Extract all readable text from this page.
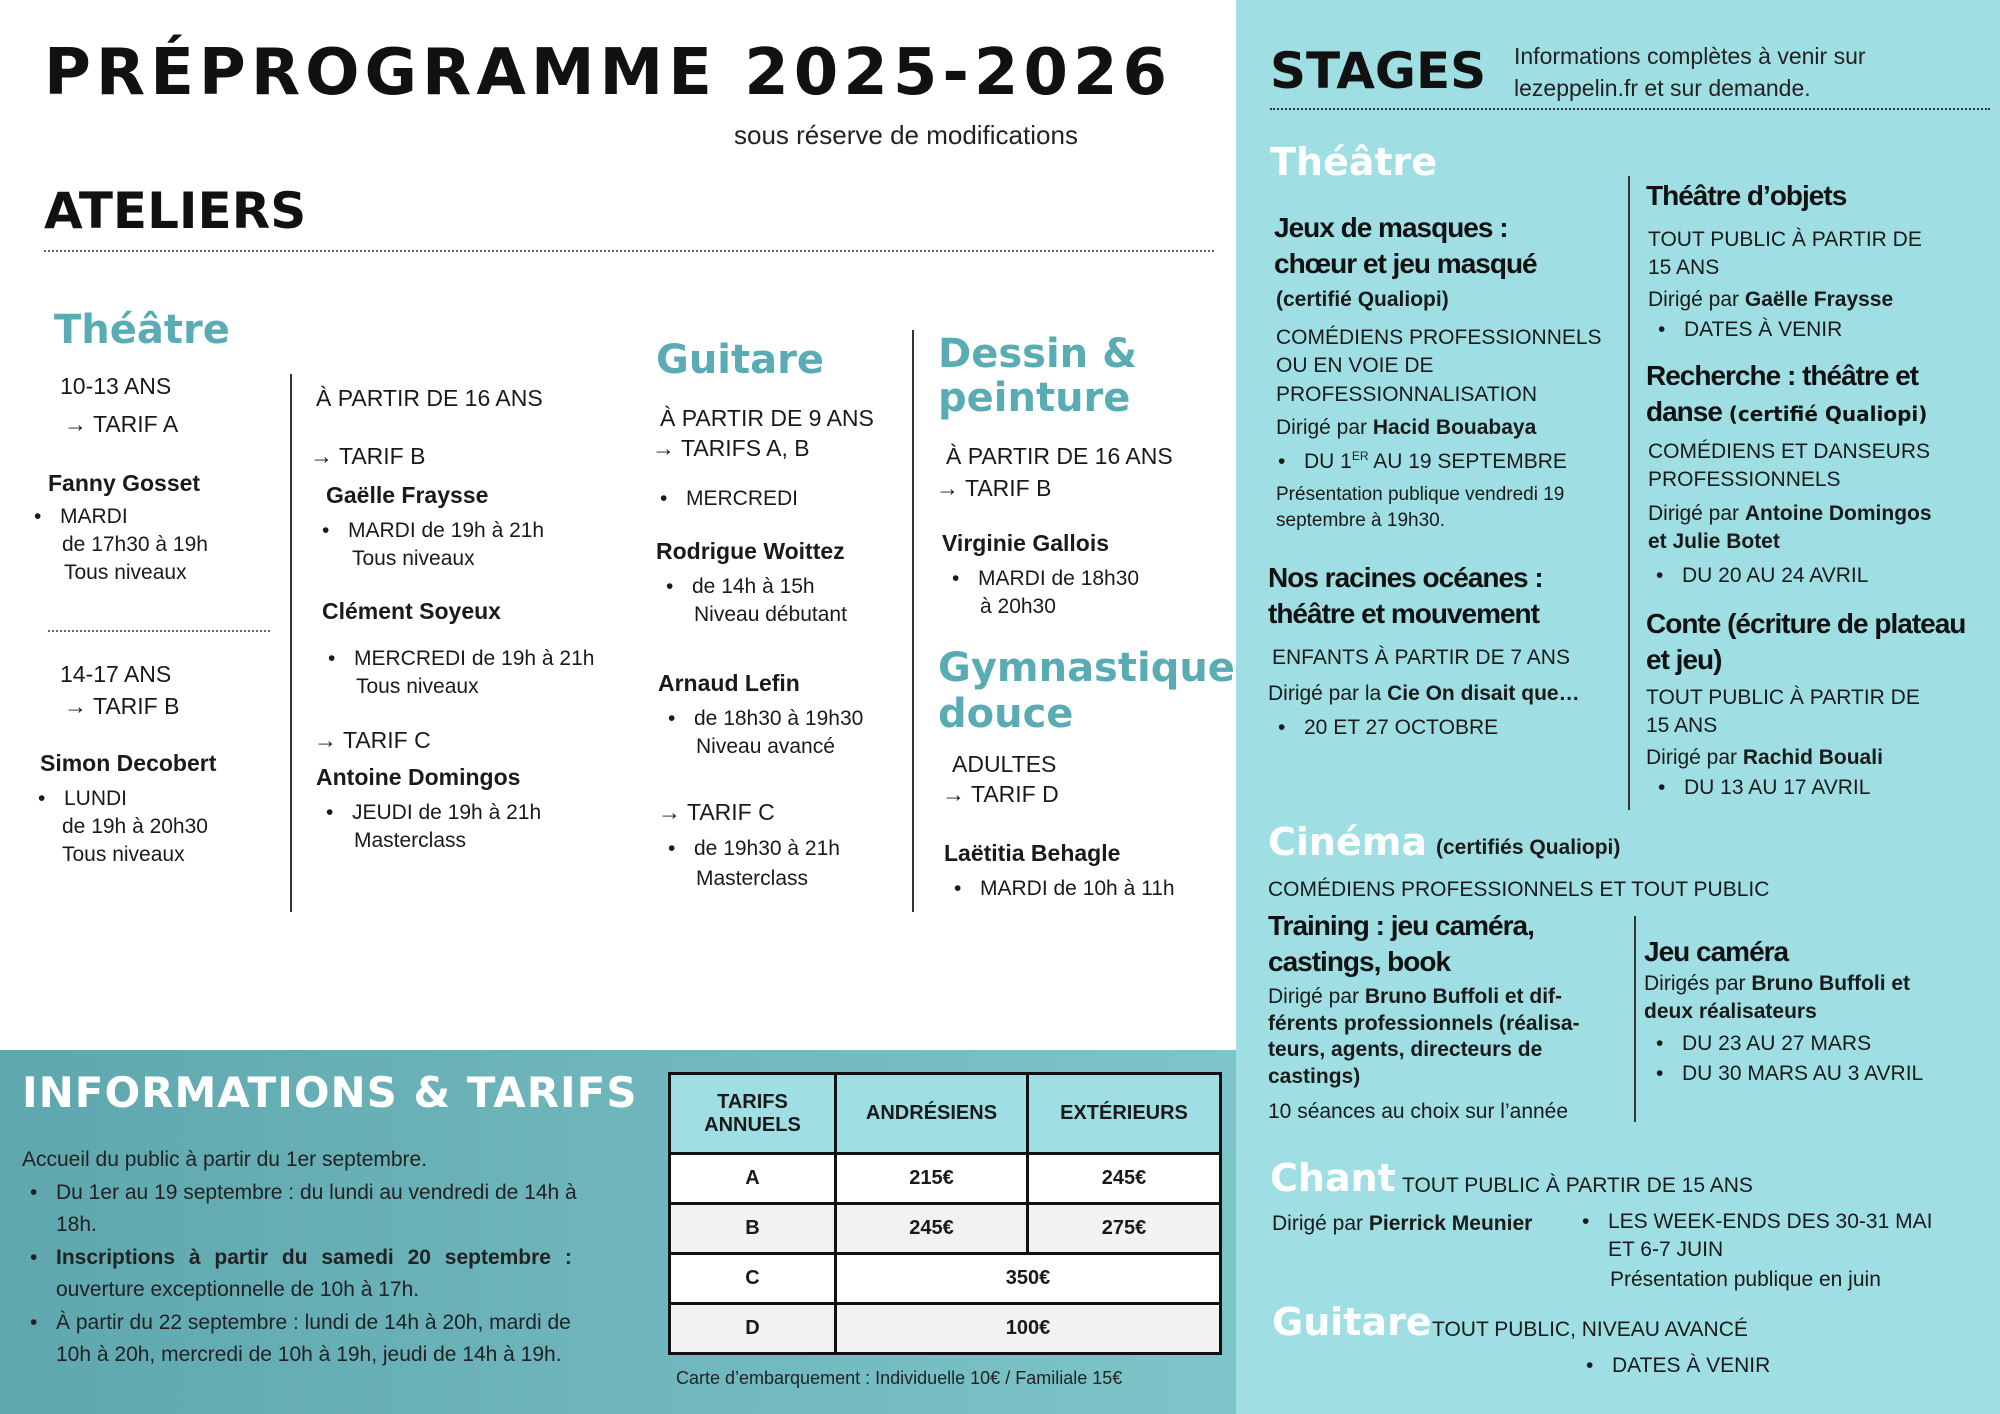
PRÉPROGRAMME 2025-2026
sous réserve de modifications
ATELIERS
Théâtre
10-13 ANS
→ TARIF A
Fanny Gosset
• MARDI
de 17h30 à 19h
Tous niveaux
14-17 ANS
→ TARIF B
Simon Decobert
• LUNDI
de 19h à 20h30
Tous niveaux
À PARTIR DE 16 ANS
→ TARIF B
Gaëlle Fraysse
• MARDI de 19h à 21h
Tous niveaux
Clément Soyeux
• MERCREDI de 19h à 21h
Tous niveaux
→ TARIF C
Antoine Domingos
• JEUDI de 19h à 21h
Masterclass
Guitare
À PARTIR DE 9 ANS
→ TARIFS A, B
• MERCREDI
Rodrigue Woittez
• de 14h à 15h
Niveau débutant
Arnaud Lefin
• de 18h30 à 19h30
Niveau avancé
→ TARIF C
• de 19h30 à 21h
Masterclass
Dessin &
peinture
À PARTIR DE 16 ANS
→ TARIF B
Virginie Gallois
• MARDI de 18h30
à 20h30
Gymnastique
douce
ADULTES
→ TARIF D
Laëtitia Behagle
• MARDI de 10h à 11h
STAGES Informations complètes à venir sur
lezeppelin.fr et sur demande.
Théâtre
Jeux de masques :
chœur et jeu masqué
(certifié Qualiopi)
COMÉDIENS PROFESSIONNELS
OU EN VOIE DE
PROFESSIONNALISATION
Dirigé par Hacid Bouabaya
• DU 1ER AU 19 SEPTEMBRE
Présentation publique vendredi 19
septembre à 19h30.
Nos racines océanes :
théâtre et mouvement
ENFANTS À PARTIR DE 7 ANS
Dirigé par la Cie On disait que…
• 20 ET 27 OCTOBRE
Théâtre d’objets
TOUT PUBLIC À PARTIR DE
15 ANS
Dirigé par Gaëlle Fraysse
• DATES À VENIR
Recherche : théâtre et
danse (certifié Qualiopi)
COMÉDIENS ET DANSEURS
PROFESSIONNELS
Dirigé par Antoine Domingos
et Julie Botet
• DU 20 AU 24 AVRIL
Conte (écriture de plateau
et jeu)
TOUT PUBLIC À PARTIR DE
15 ANS
Dirigé par Rachid Bouali
• DU 13 AU 17 AVRIL
Cinéma (certifiés Qualiopi)
COMÉDIENS PROFESSIONNELS ET TOUT PUBLIC
Training : jeu caméra,
castings, book
Dirigé par Bruno Buffoli et dif-
férents professionnels (réalisa-
teurs, agents, directeurs de
castings)
10 séances au choix sur l’année
Jeu caméra
Dirigés par Bruno Buffoli et
deux réalisateurs
• DU 23 AU 27 MARS
• DU 30 MARS AU 3 AVRIL
Chant TOUT PUBLIC À PARTIR DE 15 ANS
Dirigé par Pierrick Meunier	• LES WEEK-ENDS DES 30-31 MAI
ET 6-7 JUIN
Présentation publique en juin
Guitare TOUT PUBLIC, NIVEAU AVANCÉ
• DATES À VENIR
INFORMATIONS & TARIFS
Accueil du public à partir du 1er septembre.
• Du 1er au 19 septembre : du lundi au vendredi de 14h à
18h.
• Inscriptions à partir du samedi 20 septembre :
ouverture exceptionnelle de 10h à 17h.
• À partir du 22 septembre : lundi de 14h à 20h, mardi de
10h à 20h, mercredi de 10h à 19h, jeudi de 14h à 19h.
TARIFS
ANNUELS	ANDRÉSIENS	EXTÉRIEURS
A	215€	245€
B	245€	275€
C	350€	
D	100€	
Carte d’embarquement : Individuelle 10€ / Familiale 15€
